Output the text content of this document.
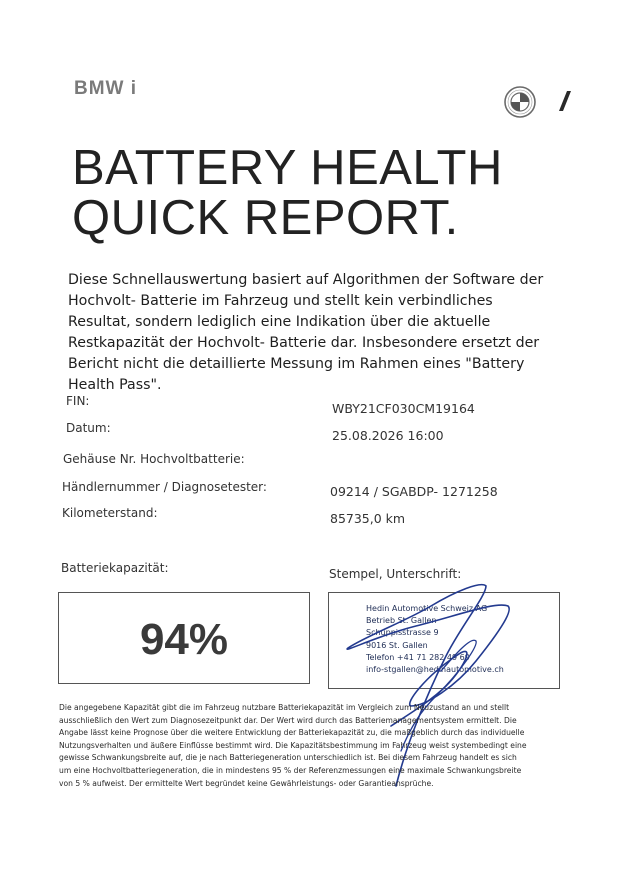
BMW i
BATTERY HEALTH
QUICK REPORT.
Diese Schnellauswertung basiert auf Algorithmen der Software der Hochvolt- Batterie im Fahrzeug und stellt kein verbindliches Resultat, sondern lediglich eine Indikation über die aktuelle Restkapazität der Hochvolt- Batterie dar. Insbesondere ersetzt der Bericht nicht die detaillierte Messung im Rahmen eines "Battery Health Pass".
FIN:	WBY21CF030CM19164
Datum:	25.08.2026 16:00
Gehäuse Nr. Hochvoltbatterie:
Händlernummer / Diagnosetester:	09214 / SGABDP- 1271258
Kilometerstand:	85735,0 km
Batteriekapazität:
94%
Stempel, Unterschrift:
Hedin Automotive Schweiz AG
Betrieb St. Gallen
Schuppisstrasse 9
9016 St. Gallen
Telefon +41 71 282 49 69
info-stgallen@hedinautomotive.ch
Die angegebene Kapazität gibt die im Fahrzeug nutzbare Batteriekapazität im Vergleich zum Neuzustand an und stellt
ausschließlich den Wert zum Diagnosezeitpunkt dar. Der Wert wird durch das Batteriemanagementsystem ermittelt. Die
Angabe lässt keine Prognose über die weitere Entwicklung der Batteriekapazität zu, die maßgeblich durch das individuelle
Nutzungsverhalten und äußere Einflüsse bestimmt wird. Die Kapazitätsbestimmung im Fahrzeug weist systembedingt eine
gewisse Schwankungsbreite auf, die je nach Batteriegeneration unterschiedlich ist. Bei diesem Fahrzeug handelt es sich
um eine Hochvoltbatteriegeneration, die in mindestens 95 % der Referenzmessungen eine maximale Schwankungsbreite
von 5 % aufweist. Der ermittelte Wert begründet keine Gewährleistungs- oder Garantieansprüche.
